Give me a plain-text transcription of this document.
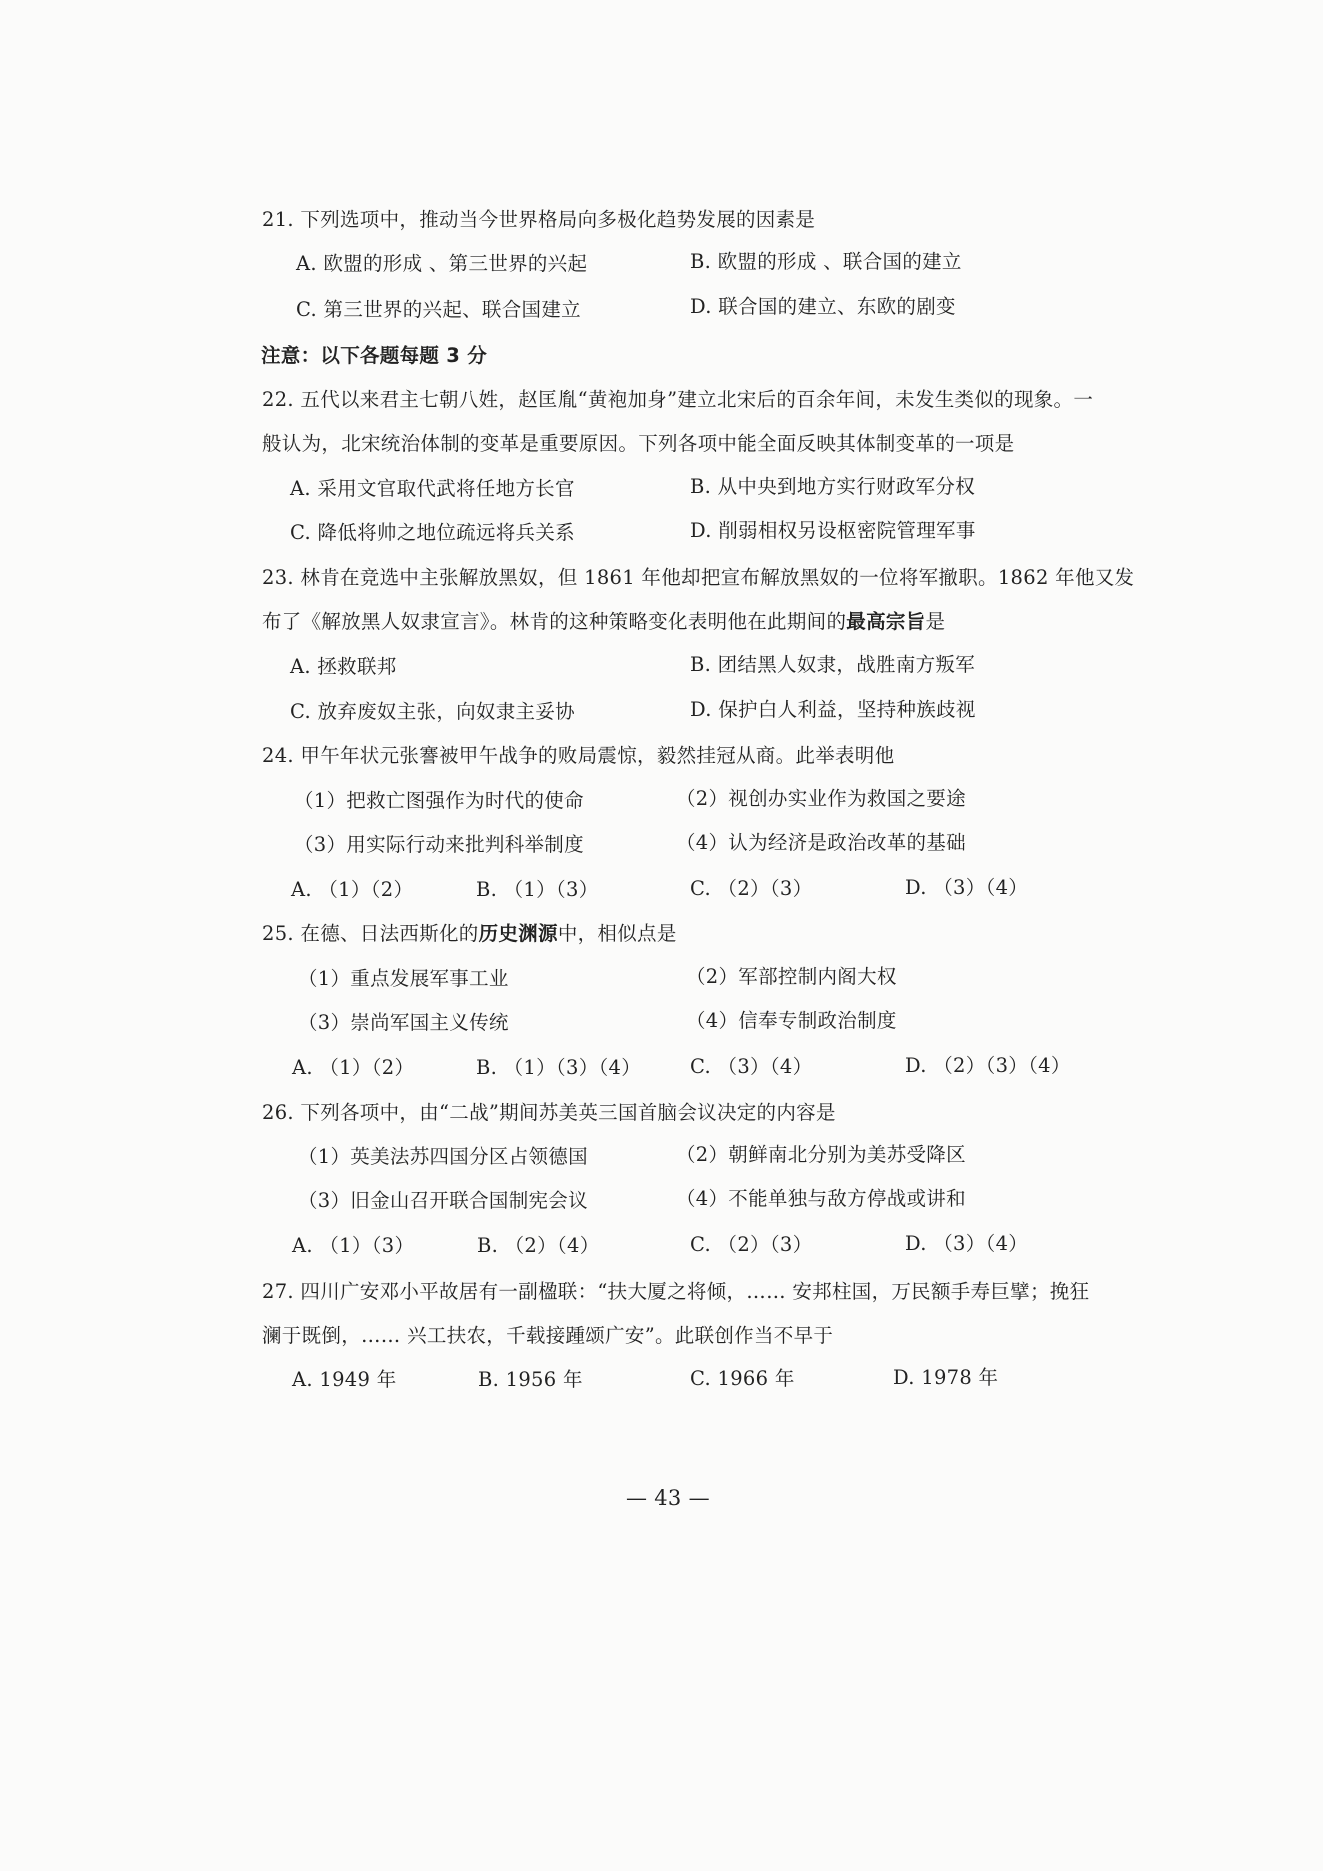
21. 下列选项中，推动当今世界格局向多极化趋势发展的因素是
A. 欧盟的形成 、第三世界的兴起	B. 欧盟的形成 、联合国的建立
C. 第三世界的兴起、联合国建立	D. 联合国的建立、东欧的剧变
注意：以下各题每题 3 分
22. 五代以来君主七朝八姓，赵匡胤“黄袍加身”建立北宋后的百余年间，未发生类似的现象。一
般认为，北宋统治体制的变革是重要原因。下列各项中能全面反映其体制变革的一项是
A. 采用文官取代武将任地方长官	B. 从中央到地方实行财政军分权
C. 降低将帅之地位疏远将兵关系	D. 削弱相权另设枢密院管理军事
23. 林肯在竞选中主张解放黑奴，但 1861 年他却把宣布解放黑奴的一位将军撤职。1862 年他又发
布了《解放黑人奴隶宣言》。林肯的这种策略变化表明他在此期间的最高宗旨是
A. 拯救联邦	B. 团结黑人奴隶，战胜南方叛军
C. 放弃废奴主张，向奴隶主妥协	D. 保护白人利益，坚持种族歧视
24. 甲午年状元张謇被甲午战争的败局震惊，毅然挂冠从商。此举表明他
（1）把救亡图强作为时代的使命	（2）视创办实业作为救国之要途
（3）用实际行动来批判科举制度	（4）认为经济是政治改革的基础
A. （1）（2）	B. （1）（3）	C. （2）（3）	D. （3）（4）
25. 在德、日法西斯化的历史渊源中，相似点是
（1）重点发展军事工业	（2）军部控制内阁大权
（3）崇尚军国主义传统	（4）信奉专制政治制度
A. （1）（2）	B. （1）（3）（4）	C. （3）（4）	D. （2）（3）（4）
26. 下列各项中，由“二战”期间苏美英三国首脑会议决定的内容是
（1）英美法苏四国分区占领德国	（2）朝鲜南北分别为美苏受降区
（3）旧金山召开联合国制宪会议	（4）不能单独与敌方停战或讲和
A. （1）（3）	B. （2）（4）	C. （2）（3）	D. （3）（4）
27. 四川广安邓小平故居有一副楹联：“扶大厦之将倾，…… 安邦柱国，万民额手寿巨擘；挽狂
澜于既倒，…… 兴工扶农，千载接踵颂广安”。此联创作当不早于
A. 1949 年	B. 1956 年	C. 1966 年	D. 1978 年
— 43 —
